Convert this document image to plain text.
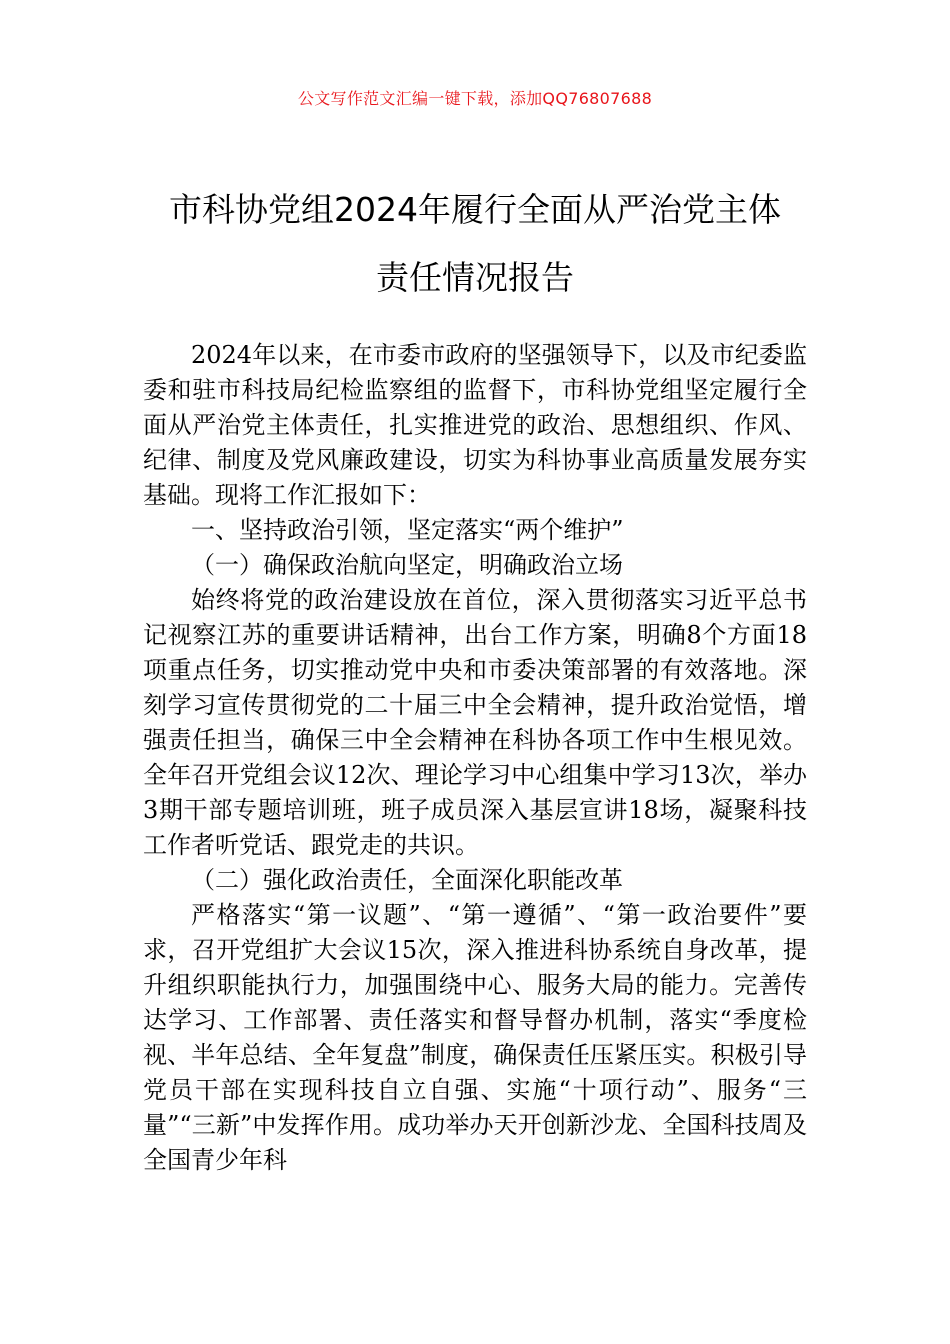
公文写作范文汇编一键下载，添加QQ76807688
市科协党组2024年履行全面从严治党主体
责任情况报告

2024年以来，在市委市政府的坚强领导下，以及市纪委监委和驻市科技局纪检监察组的监督下，市科协党组坚定履行全面从严治党主体责任，扎实推进党的政治、思想组织、作风、纪律、制度及党风廉政建设，切实为科协事业高质量发展夯实基础。现将工作汇报如下：

一、坚持政治引领，坚定落实“两个维护”

（一）确保政治航向坚定，明确政治立场

始终将党的政治建设放在首位，深入贯彻落实习近平总书记视察江苏的重要讲话精神，出台工作方案，明确8个方面18项重点任务，切实推动党中央和市委决策部署的有效落地。深刻学习宣传贯彻党的二十届三中全会精神，提升政治觉悟，增强责任担当，确保三中全会精神在科协各项工作中生根见效。全年召开党组会议12次、理论学习中心组集中学习13次，举办3期干部专题培训班，班子成员深入基层宣讲18场，凝聚科技工作者听党话、跟党走的共识。

（二）强化政治责任，全面深化职能改革

严格落实“第一议题”、“第一遵循”、“第一政治要件”要求，召开党组扩大会议15次，深入推进科协系统自身改革，提升组织职能执行力，加强围绕中心、服务大局的能力。完善传达学习、工作部署、责任落实和督导督办机制，落实“季度检视、半年总结、全年复盘”制度，确保责任压紧压实。积极引导党员干部在实现科技自立自强、实施“十项行动”、服务“三量”“三新”中发挥作用。成功举办天开创新沙龙、全国科技周及全国青少年科
